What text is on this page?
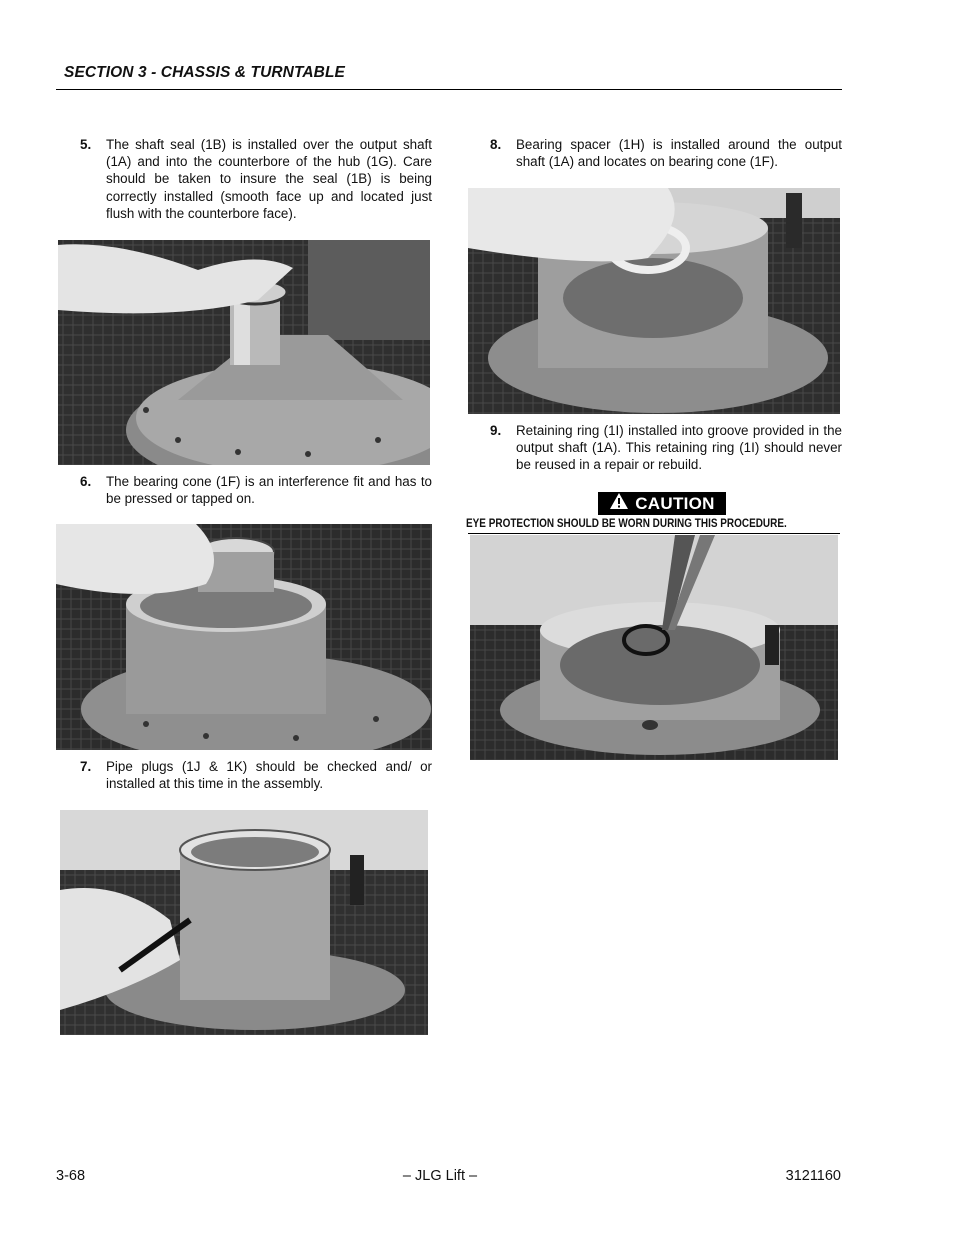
SECTION 3 - CHASSIS & TURNTABLE
5. The shaft seal (1B) is installed over the output shaft (1A) and into the counterbore of the hub (1G). Care should be taken to insure the seal (1B) is being correctly installed (smooth face up and located just flush with the counterbore face).
6. The bearing cone (1F) is an interference fit and has to be pressed or tapped on.
7. Pipe plugs (1J & 1K) should be checked and/ or installed at this time in the assembly.
8. Bearing spacer (1H) is installed around the output shaft (1A) and locates on bearing cone (1F).
9. Retaining ring (1I) installed into groove provided in the output shaft (1A). This retaining ring (1I) should never be reused in a repair or rebuild.
CAUTION
EYE PROTECTION SHOULD BE WORN DURING THIS PROCEDURE.
3-68	– JLG Lift –	3121160
